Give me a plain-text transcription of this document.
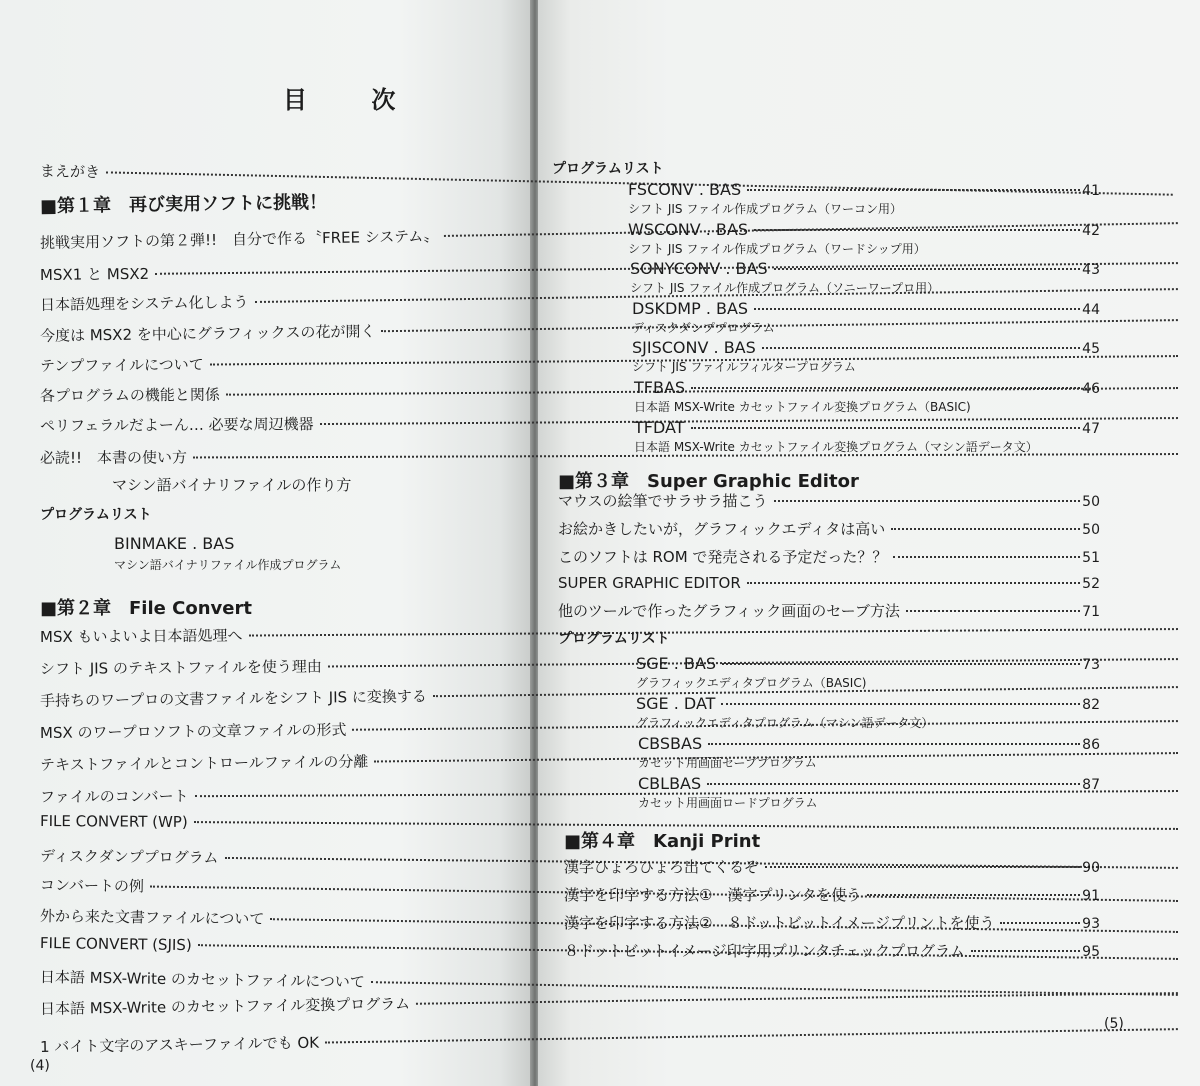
目 次
まえがき
■第１章　再び実用ソフトに挑戦！
挑戦実用ソフトの第２弾!!　自分で作る〝FREE システム〟
MSX1 と MSX2
日本語処理をシステム化しよう
今度は MSX2 を中心にグラフィックスの花が開く
テンプファイルについて
各プログラムの機能と関係
ペリフェラルだよーん… 必要な周辺機器
必読!!　本書の使い方
マシン語バイナリファイルの作り方
プログラムリスト
BINMAKE . BAS
マシン語バイナリファイル作成プログラム
■第２章　File Convert
MSX もいよいよ日本語処理へ
シフト JIS のテキストファイルを使う理由
手持ちのワープロの文書ファイルをシフト JIS に変換する
MSX のワープロソフトの文章ファイルの形式
テキストファイルとコントロールファイルの分離
ファイルのコンバート
FILE CONVERT (WP)
ディスクダンププログラム
コンバートの例
外から来た文書ファイルについて
FILE CONVERT (SJIS)
日本語 MSX-Write のカセットファイルについて
日本語 MSX-Write のカセットファイル変換プログラム
1 バイト文字のアスキーファイルでも OK
(4)
プログラムリスト
FSCONV . BAS	41
シフト JIS ファイル作成プログラム（ワーコン用）
WSCONV . BAS	42
シフト JIS ファイル作成プログラム（ワードシップ用）
SONYCONV . BAS	43
シフト JIS ファイル作成プログラム（ソニーワープロ用）
DSKDMP . BAS	44
ディスクダンププログラム
SJISCONV . BAS	45
シフト JIS ファイルフィルタープログラム
TFBAS	46
日本語 MSX-Write カセットファイル変換プログラム（BASIC)
TFDAT	47
日本語 MSX-Write カセットファイル変換プログラム（マシン語データ文）
■第３章　Super Graphic Editor
マウスの絵筆でサラサラ描こう	50
お絵かきしたいが，グラフィックエディタは高い	50
このソフトは ROM で発売される予定だった？？	51
SUPER GRAPHIC EDITOR	52
他のツールで作ったグラフィック画面のセーブ方法	71
プログラムリスト
SGE . BAS	73
グラフィックエディタプログラム（BASIC)
SGE . DAT	82
グラフィックエディタプログラム（マシン語データ文）
CBSBAS	86
カセット用画面セーブプログラム
CBLBAS	87
カセット用画面ロードプログラム
■第４章　Kanji Print
漢字ひょろひょろ出てくるぞ	90
漢字を印字する方法①　漢字プリンタを使う	91
漢字を印字する方法②　８ドットビットイメージプリントを使う	93
８ドットビットイメージ印字用プリンタチェックプログラム	95
(5)
